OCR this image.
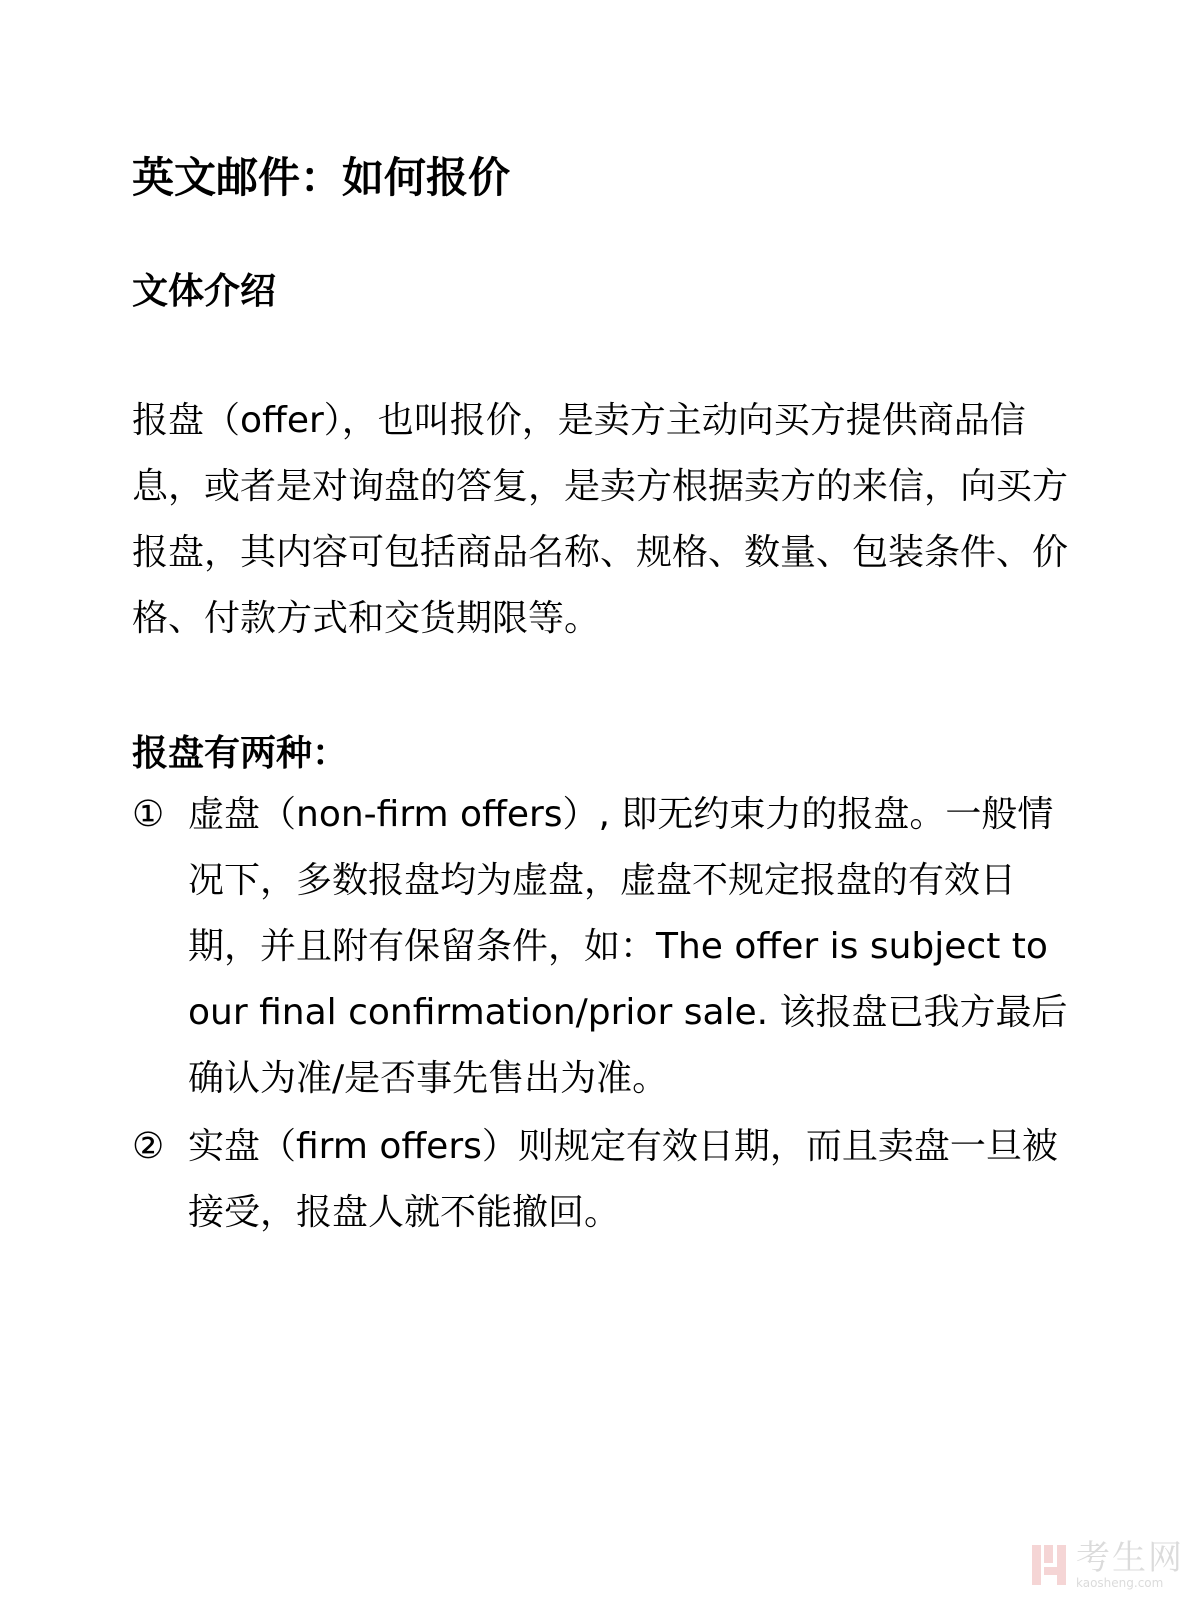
英文邮件：如何报价
文体介绍

报盘（offer），也叫报价，是卖方主动向买方提供商品信息，或者是对询盘的答复，是卖方根据卖方的来信，向买方报盘，其内容可包括商品名称、规格、数量、包装条件、价格、付款方式和交货期限等。

报盘有两种：
① 虚盘（non-firm offers）, 即无约束力的报盘。一般情况下，多数报盘均为虚盘，虚盘不规定报盘的有效日期，并且附有保留条件，如：The offer is subject to our final confirmation/prior sale. 该报盘已我方最后确认为准/是否事先售出为准。
② 实盘（firm offers）则规定有效日期，而且卖盘一旦被接受，报盘人就不能撤回。
考生网
kaosheng.com
